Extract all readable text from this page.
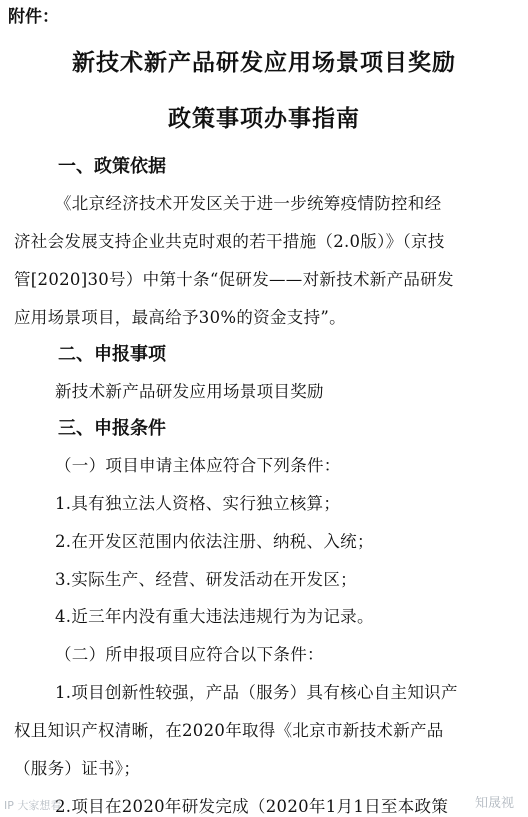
附件：
新技术新产品研发应用场景项目奖励
政策事项办事指南
一、政策依据
《北京经济技术开发区关于进一步统筹疫情防控和经
济社会发展支持企业共克时艰的若干措施（2.0版）》（京技
管[2020]30号）中第十条“促研发——对新技术新产品研发
应用场景项目，最高给予30%的资金支持”。
二、申报事项
新技术新产品研发应用场景项目奖励
三、申报条件
（一）项目申请主体应符合下列条件：
1.具有独立法人资格、实行独立核算；
2.在开发区范围内依法注册、纳税、入统；
3.实际生产、经营、研发活动在开发区；
4.近三年内没有重大违法违规行为为记录。
（二）所申报项目应符合以下条件：
1.项目创新性较强，产品（服务）具有核心自主知识产
权且知识产权清晰，在2020年取得《北京市新技术新产品
（服务）证书》；
2.项目在2020年研发完成（2020年1月1日至本政策
IP 大家想看	知晟视
